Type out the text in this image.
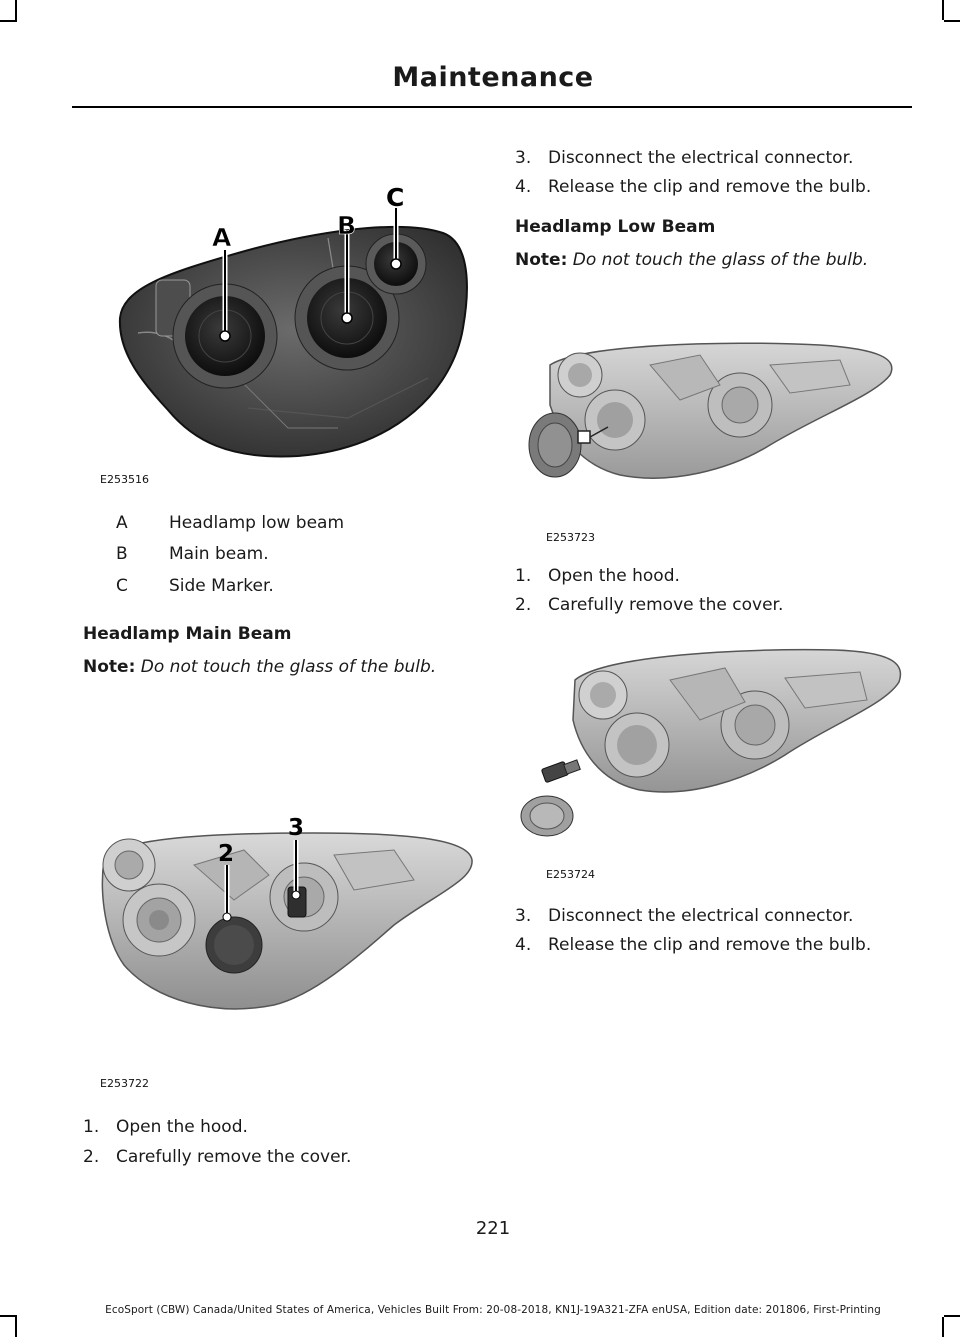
Maintenance
A	B
C
E253516
A	Headlamp low beam
B	Main beam.
C	Side Marker.
Headlamp Main Beam
Note: Do not touch the glass of the bulb.
2
3
E253722
1. Open the hood.
2. Carefully remove the cover.
3. Disconnect the electrical connector.
4. Release the clip and remove the bulb.
Headlamp Low Beam
Note: Do not touch the glass of the bulb.
E253723
1. Open the hood.
2. Carefully remove the cover.
E253724
3. Disconnect the electrical connector.
4. Release the clip and remove the bulb.
221
EcoSport (CBW) Canada/United States of America, Vehicles Built From: 20-08-2018, KN1J-19A321-ZFA enUSA, Edition date: 201806, First-Printing
